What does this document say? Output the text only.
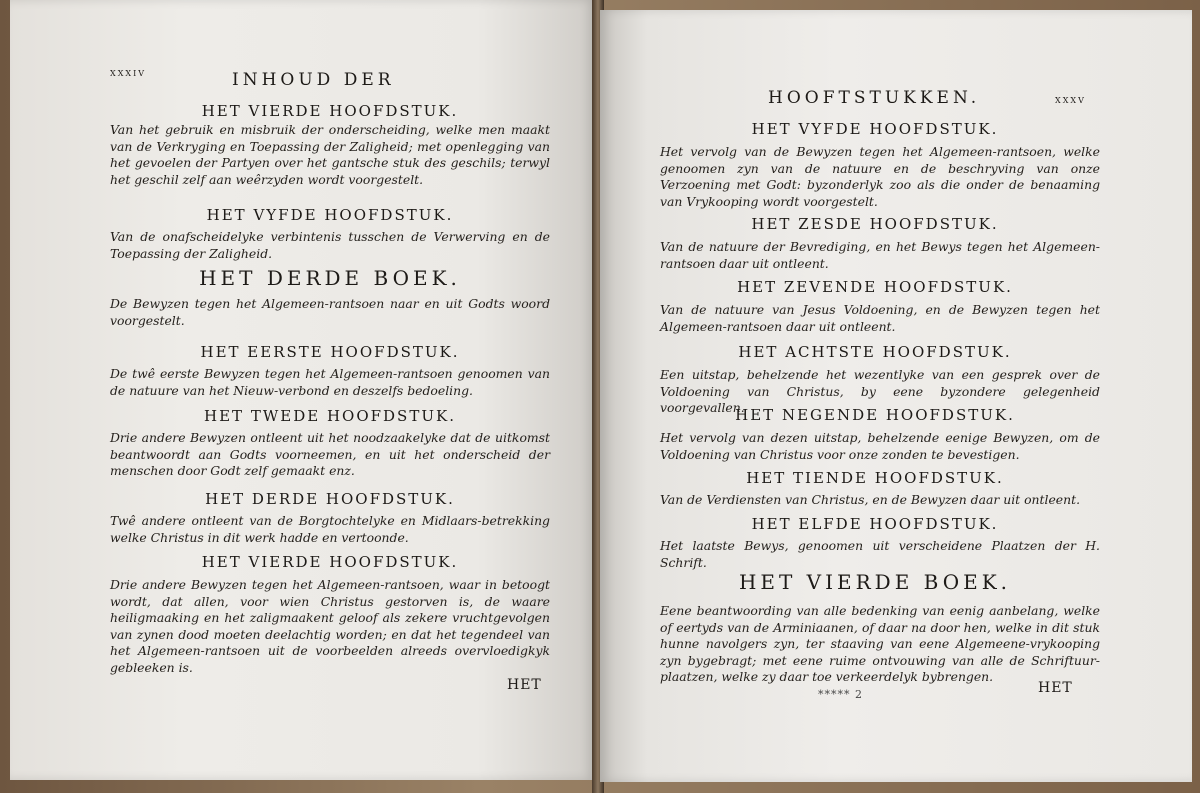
xxxiv	INHOUD DER
HET VIERDE HOOFDSTUK.
Van het gebruik en misbruik der onderscheiding, welke men maakt van de Verkryging en Toepassing der Zaligheid; met openlegging van het gevoelen der Partyen over het gantsche stuk des geschils; terwyl het geschil zelf aan weêrzyden wordt voorgestelt.
HET VYFDE HOOFDSTUK.
Van de onafscheidelyke verbintenis tusschen de Verwerving en de Toepassing der Zaligheid.
HET DERDE BOEK.
De Bewyzen tegen het Algemeen-rantsoen naar en uit Godts woord voorgestelt.
HET EERSTE HOOFDSTUK.
De twê eerste Bewyzen tegen het Algemeen-rantsoen genoomen van de natuure van het Nieuw-verbond en deszelfs bedoeling.
HET TWEDE HOOFDSTUK.
Drie andere Bewyzen ontleent uit het noodzaakelyke dat de uitkomst beantwoordt aan Godts voorneemen, en uit het onderscheid der menschen door Godt zelf gemaakt enz.
HET DERDE HOOFDSTUK.
Twê andere ontleent van de Borgtochtelyke en Midlaars-betrekking welke Christus in dit werk hadde en vertoonde.
HET VIERDE HOOFDSTUK.
Drie andere Bewyzen tegen het Algemeen-rantsoen, waar in betoogt wordt, dat allen, voor wien Christus gestorven is, de waare heiligmaaking en het zaligmaakent geloof als zekere vruchtgevolgen van zynen dood moeten deelachtig worden; en dat het tegendeel van het Algemeen-rantsoen uit de voorbeelden alreeds overvloedigkyk gebleeken is.
HET
HOOFTSTUKKEN.	xxxv
HET VYFDE HOOFDSTUK.
Het vervolg van de Bewyzen tegen het Algemeen-rantsoen, welke genoomen zyn van de natuure en de beschryving van onze Verzoening met Godt: byzonderlyk zoo als die onder de benaaming van Vrykooping wordt voorgestelt.
HET ZESDE HOOFDSTUK.
Van de natuure der Bevrediging, en het Bewys tegen het Algemeen-rantsoen daar uit ontleent.
HET ZEVENDE HOOFDSTUK.
Van de natuure van Jesus Voldoening, en de Bewyzen tegen het Algemeen-rantsoen daar uit ontleent.
HET ACHTSTE HOOFDSTUK.
Een uitstap, behelzende het wezentlyke van een gesprek over de Voldoening van Christus, by eene byzondere gelegenheid voorgevallen.
HET NEGENDE HOOFDSTUK.
Het vervolg van dezen uitstap, behelzende eenige Bewyzen, om de Voldoening van Christus voor onze zonden te bevestigen.
HET TIENDE HOOFDSTUK.
Van de Verdiensten van Christus, en de Bewyzen daar uit ontleent.
HET ELFDE HOOFDSTUK.
Het laatste Bewys, genoomen uit verscheidene Plaatzen der H. Schrift.
HET VIERDE BOEK.
Eene beantwoording van alle bedenking van eenig aanbelang, welke of eertyds van de Arminiaanen, of daar na door hen, welke in dit stuk hunne navolgers zyn, ter staaving van eene Algemeene-vrykooping zyn bygebragt; met eene ruime ontvouwing van alle de Schriftuur-plaatzen, welke zy daar toe verkeerdelyk bybrengen.
***** 2	HET
